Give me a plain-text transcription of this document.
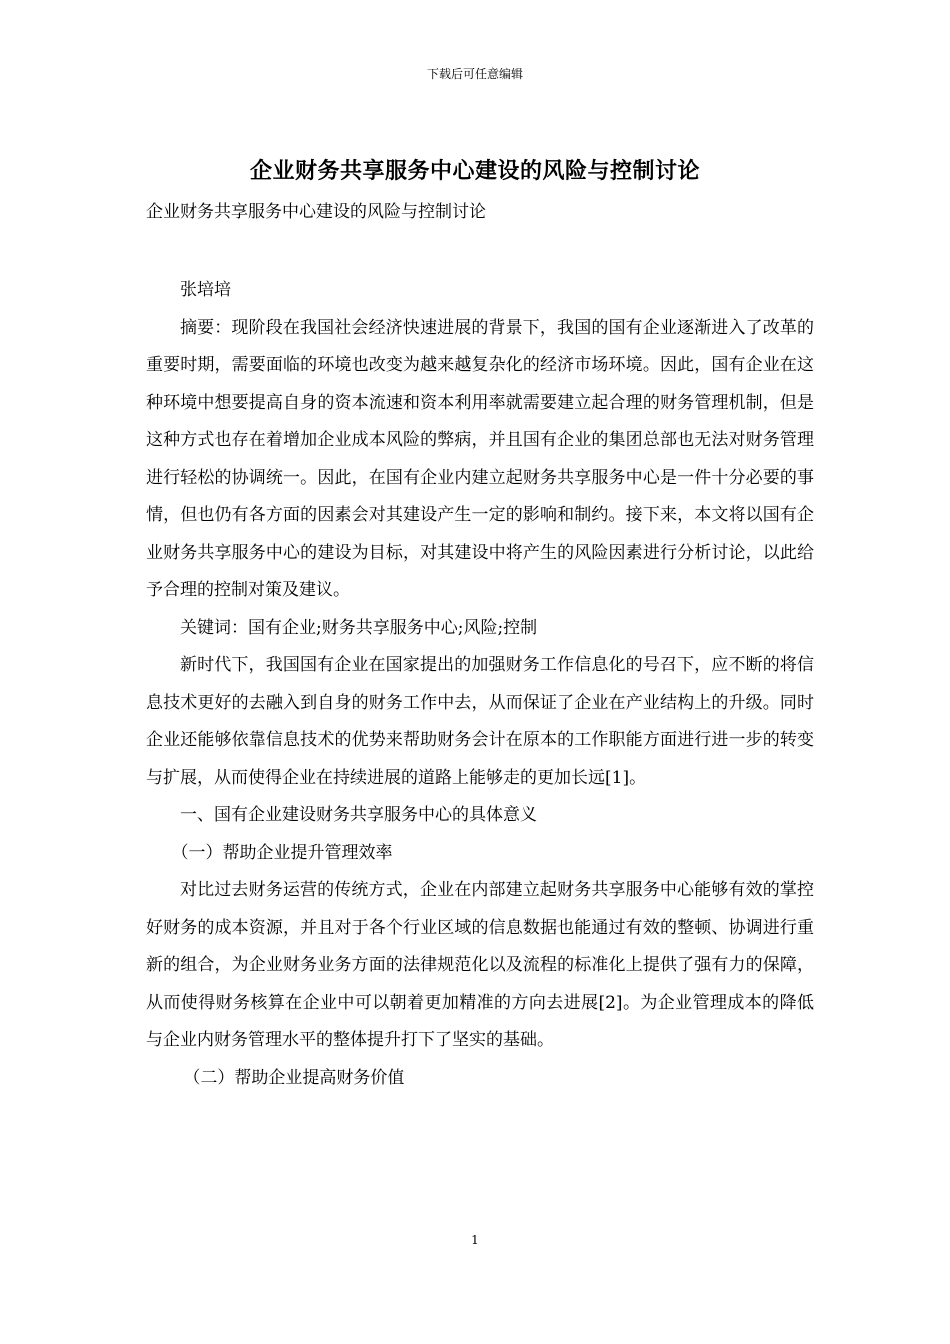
下载后可任意编辑
企业财务共享服务中心建设的风险与控制讨论
企业财务共享服务中心建设的风险与控制讨论

张培培

摘要：现阶段在我国社会经济快速进展的背景下，我国的国有企业逐渐进入了改革的重要时期，需要面临的环境也改变为越来越复杂化的经济市场环境。因此，国有企业在这种环境中想要提高自身的资本流速和资本利用率就需要建立起合理的财务管理机制，但是这种方式也存在着增加企业成本风险的弊病，并且国有企业的集团总部也无法对财务管理进行轻松的协调统一。因此，在国有企业内建立起财务共享服务中心是一件十分必要的事情，但也仍有各方面的因素会对其建设产生一定的影响和制约。接下来，本文将以国有企业财务共享服务中心的建设为目标，对其建设中将产生的风险因素进行分析讨论，以此给予合理的控制对策及建议。

关键词：国有企业;财务共享服务中心;风险;控制

新时代下，我国国有企业在国家提出的加强财务工作信息化的号召下，应不断的将信息技术更好的去融入到自身的财务工作中去，从而保证了企业在产业结构上的升级。同时企业还能够依靠信息技术的优势来帮助财务会计在原本的工作职能方面进行进一步的转变与扩展，从而使得企业在持续进展的道路上能够走的更加长远[1]。

一、国有企业建设财务共享服务中心的具体意义

（一）帮助企业提升管理效率

对比过去财务运营的传统方式，企业在内部建立起财务共享服务中心能够有效的掌控好财务的成本资源，并且对于各个行业区域的信息数据也能通过有效的整顿、协调进行重新的组合，为企业财务业务方面的法律规范化以及流程的标准化上提供了强有力的保障，从而使得财务核算在企业中可以朝着更加精准的方向去进展[2]。为企业管理成本的降低与企业内财务管理水平的整体提升打下了坚实的基础。

（二）帮助企业提高财务价值

1
